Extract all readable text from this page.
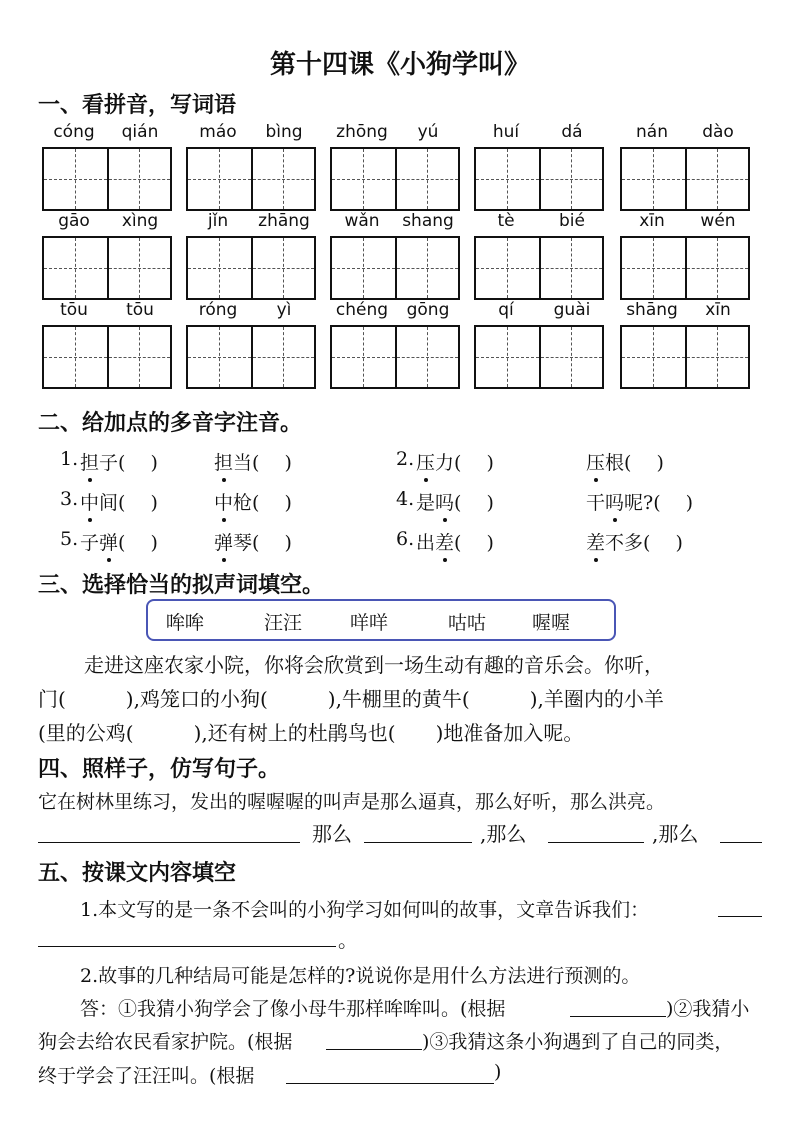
第十四课《小狗学叫》
一、看拼音，写词语
cóng	qián	máo	bìng	zhōng	yú	huí	dá	nán	dào
gāo	xìng	jǐn	zhāng	wǎn	shang	tè	bié	xīn	wén
tōu	tōu	róng	yì	chéng	gōng	qí	guài	shāng	xīn
二、给加点的多音字注音。
1. 担子( 　)	担当( 　)	2. 压力( 　)	压根( 　)
3. 中间( 　)	中枪( 　)	4. 是吗( 　)	干吗呢?( 　)
5. 子弹( 　)	弹琴( 　)	6. 出差( 　)	差不多( 　)
三、选择恰当的拟声词填空。
哞哞	汪汪	咩咩	咕咕 喔喔
走进这座农家小院，你将会欣赏到一场生动有趣的音乐会。你听，
门(　　　),鸡笼口的小狗(　　　),牛棚里的黄牛(　　　),羊圈内的小羊
(里的公鸡(　　　),还有树上的杜鹃鸟也(　　)地准备加入呢。
四、照样子，仿写句子。
它在树林里练习，发出的喔喔喔的叫声是那么逼真，那么好听，那么洪亮。
那么	,那么	,那么
五、按课文内容填空
1.本文写的是一条不会叫的小狗学习如何叫的故事，文章告诉我们：
。
2.故事的几种结局可能是怎样的?说说你是用什么方法进行预测的。
答：①我猜小狗学会了像小母牛那样哞哞叫。(根据	)②我猜小
狗会去给农民看家护院。(根据	)③我猜这条小狗遇到了自己的同类，
终于学会了汪汪叫。(根据	)
